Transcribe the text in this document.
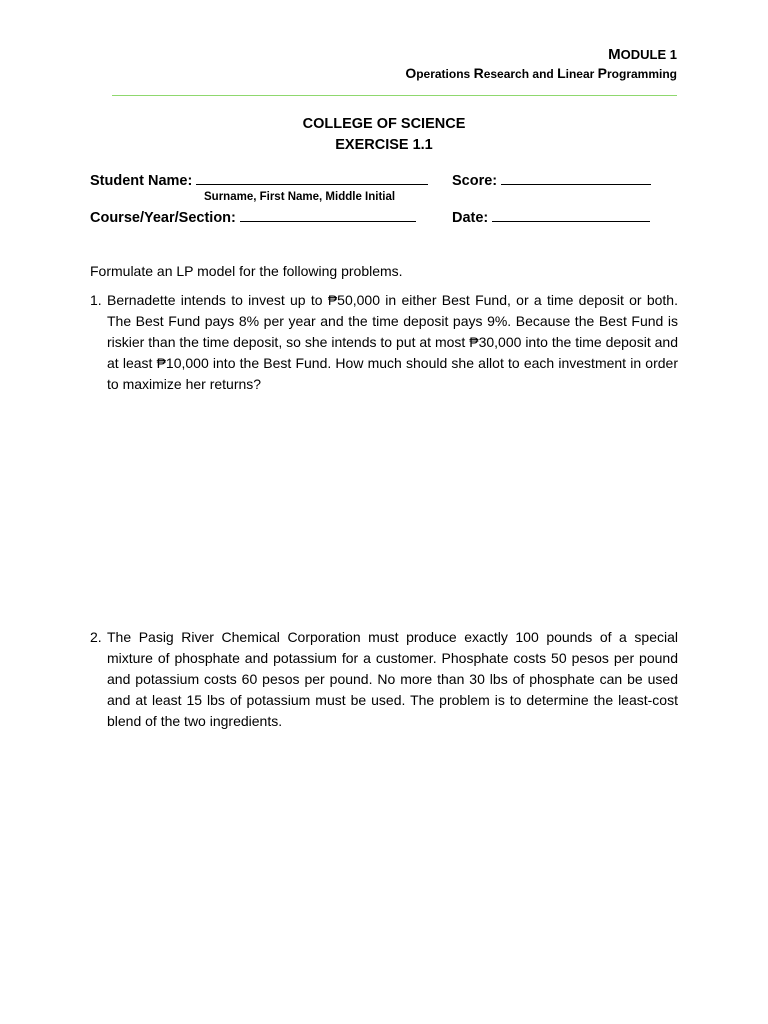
MODULE 1
Operations Research and Linear Programming
COLLEGE OF SCIENCE
EXERCISE 1.1
Student Name:	Score:
Surname, First Name, Middle Initial
Course/Year/Section:	Date:
Formulate an LP model for the following problems.
1. Bernadette intends to invest up to ₱50,000 in either Best Fund, or a time deposit or both. The Best Fund pays 8% per year and the time deposit pays 9%. Because the Best Fund is riskier than the time deposit, so she intends to put at most ₱30,000 into the time deposit and at least ₱10,000 into the Best Fund. How much should she allot to each investment in order to maximize her returns?
2. The Pasig River Chemical Corporation must produce exactly 100 pounds of a special mixture of phosphate and potassium for a customer. Phosphate costs 50 pesos per pound and potassium costs 60 pesos per pound. No more than 30 lbs of phosphate can be used and at least 15 lbs of potassium must be used. The problem is to determine the least-cost blend of the two ingredients.
